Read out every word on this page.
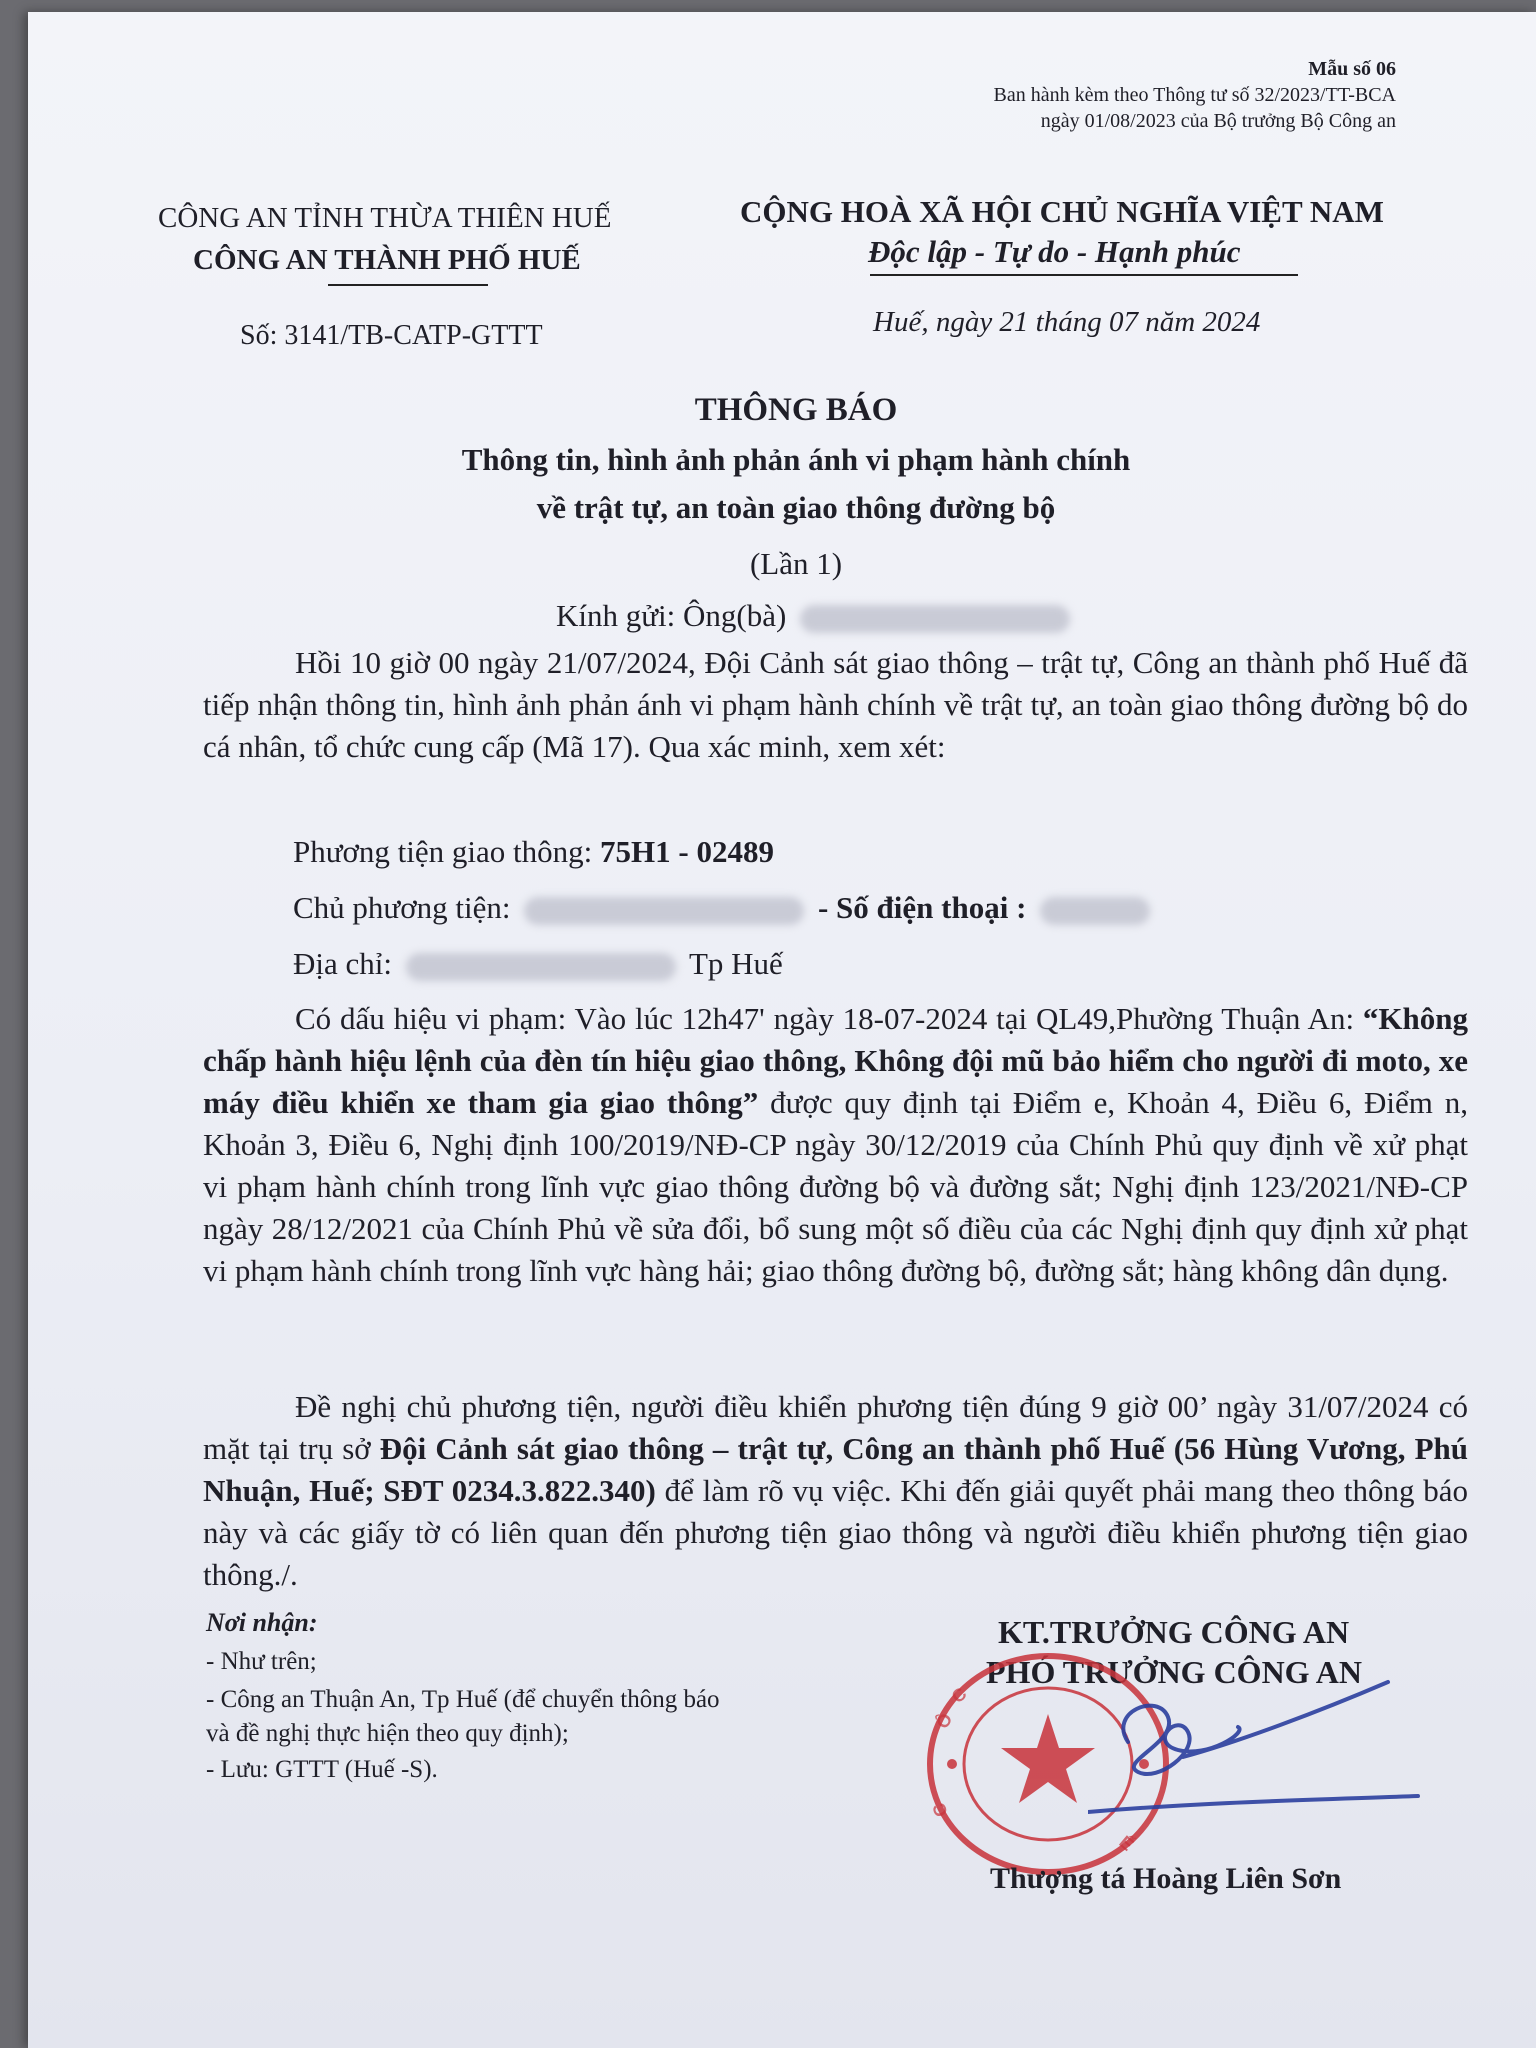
Mẫu số 06
Ban hành kèm theo Thông tư số 32/2023/TT-BCA
ngày 01/08/2023 của Bộ trưởng Bộ Công an
CÔNG AN TỈNH THỪA THIÊN HUẾ
CÔNG AN THÀNH PHỐ HUẾ
CỘNG HOÀ XÃ HỘI CHỦ NGHĨA VIỆT NAM
Độc lập - Tự do - Hạnh phúc
Số: 3141/TB-CATP-GTTT	Huế, ngày 21 tháng 07 năm 2024
THÔNG BÁO
Thông tin, hình ảnh phản ánh vi phạm hành chính
về trật tự, an toàn giao thông đường bộ
(Lần 1)
Kính gửi: Ông(bà)
Hồi 10 giờ 00 ngày 21/07/2024, Đội Cảnh sát giao thông – trật tự, Công an thành phố Huế đã tiếp nhận thông tin, hình ảnh phản ánh vi phạm hành chính về trật tự, an toàn giao thông đường bộ do cá nhân, tổ chức cung cấp (Mã 17). Qua xác minh, xem xét:
Phương tiện giao thông: 75H1 - 02489
Chủ phương tiện:	- Số điện thoại :
Địa chỉ:	Tp Huế
Có dấu hiệu vi phạm: Vào lúc 12h47' ngày 18-07-2024 tại QL49,Phường Thuận An: “Không chấp hành hiệu lệnh của đèn tín hiệu giao thông, Không đội mũ bảo hiểm cho người đi moto, xe máy điều khiển xe tham gia giao thông” được quy định tại Điểm e, Khoản 4, Điều 6, Điểm n, Khoản 3, Điều 6, Nghị định 100/2019/NĐ-CP ngày 30/12/2019 của Chính Phủ quy định về xử phạt vi phạm hành chính trong lĩnh vực giao thông đường bộ và đường sắt; Nghị định 123/2021/NĐ-CP ngày 28/12/2021 của Chính Phủ về sửa đổi, bổ sung một số điều của các Nghị định quy định xử phạt vi phạm hành chính trong lĩnh vực hàng hải; giao thông đường bộ, đường sắt; hàng không dân dụng.
Đề nghị chủ phương tiện, người điều khiển phương tiện đúng 9 giờ 00’ ngày 31/07/2024 có mặt tại trụ sở Đội Cảnh sát giao thông – trật tự, Công an thành phố Huế (56 Hùng Vương, Phú Nhuận, Huế; SĐT 0234.3.822.340) để làm rõ vụ việc. Khi đến giải quyết phải mang theo thông báo này và các giấy tờ có liên quan đến phương tiện giao thông và người điều khiển phương tiện giao thông./.
Nơi nhận:
- Như trên;
- Công an Thuận An, Tp Huế (để chuyển thông báo
và đề nghị thực hiện theo quy định);
- Lưu: GTTT (Huế -S).
KT.TRƯỞNG CÔNG AN
PHÓ TRƯỞNG CÔNG AN
C
Ô
C
Ế
Thượng tá Hoàng Liên Sơn
